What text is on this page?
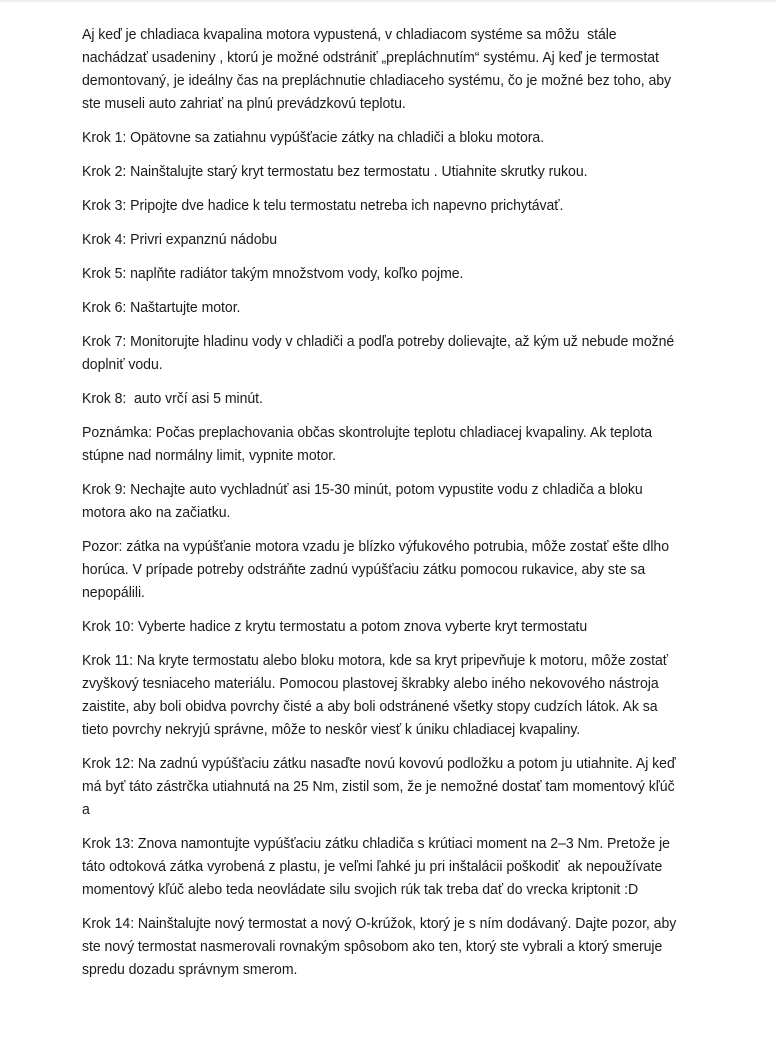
Aj keď je chladiaca kvapalina motora vypustená, v chladiacom systéme sa môžu  stále nachádzať usadeniny , ktorú je možné odstrániť „prepláchnutím“ systému. Aj keď je termostat demontovaný, je ideálny čas na prepláchnutie chladiaceho systému, čo je možné bez toho, aby ste museli auto zahriať na plnú prevádzkovú teplotu.

Krok 1: Opätovne sa zatiahnu vypúšťacie zátky na chladiči a bloku motora.

Krok 2: Nainštalujte starý kryt termostatu bez termostatu . Utiahnite skrutky rukou.

Krok 3: Pripojte dve hadice k telu termostatu netreba ich napevno prichytávať.

Krok 4: Privri expanznú nádobu

Krok 5: naplňte radiátor takým množstvom vody, koľko pojme.

Krok 6: Naštartujte motor.

Krok 7: Monitorujte hladinu vody v chladiči a podľa potreby dolievajte, až kým už nebude možné doplniť vodu.

Krok 8:  auto vrčí asi 5 minút.

Poznámka: Počas preplachovania občas skontrolujte teplotu chladiacej kvapaliny. Ak teplota stúpne nad normálny limit, vypnite motor.

Krok 9: Nechajte auto vychladnúť asi 15-30 minút, potom vypustite vodu z chladiča a bloku motora ako na začiatku.

Pozor: zátka na vypúšťanie motora vzadu je blízko výfukového potrubia, môže zostať ešte dlho horúca. V prípade potreby odstráňte zadnú vypúšťaciu zátku pomocou rukavice, aby ste sa nepopálili.

Krok 10: Vyberte hadice z krytu termostatu a potom znova vyberte kryt termostatu

Krok 11: Na kryte termostatu alebo bloku motora, kde sa kryt pripevňuje k motoru, môže zostať zvyškový tesniaceho materiálu. Pomocou plastovej škrabky alebo iného nekovového nástroja zaistite, aby boli obidva povrchy čisté a aby boli odstránené všetky stopy cudzích látok. Ak sa tieto povrchy nekryjú správne, môže to neskôr viesť k úniku chladiacej kvapaliny.

Krok 12: Na zadnú vypúšťaciu zátku nasaďte novú kovovú podložku a potom ju utiahnite. Aj keď má byť táto zástrčka utiahnutá na 25 Nm, zistil som, že je nemožné dostať tam momentový kľúč a

Krok 13: Znova namontujte vypúšťaciu zátku chladiča s krútiaci moment na 2–3 Nm. Pretože je táto odtoková zátka vyrobená z plastu, je veľmi ľahké ju pri inštalácii poškodiť  ak nepoužívate momentový kľúč alebo teda neovládate silu svojich rúk tak treba dať do vrecka kriptonit :D

Krok 14: Nainštalujte nový termostat a nový O-krúžok, ktorý je s ním dodávaný. Dajte pozor, aby ste nový termostat nasmerovali rovnakým spôsobom ako ten, ktorý ste vybrali a ktorý smeruje spredu dozadu správnym smerom.
